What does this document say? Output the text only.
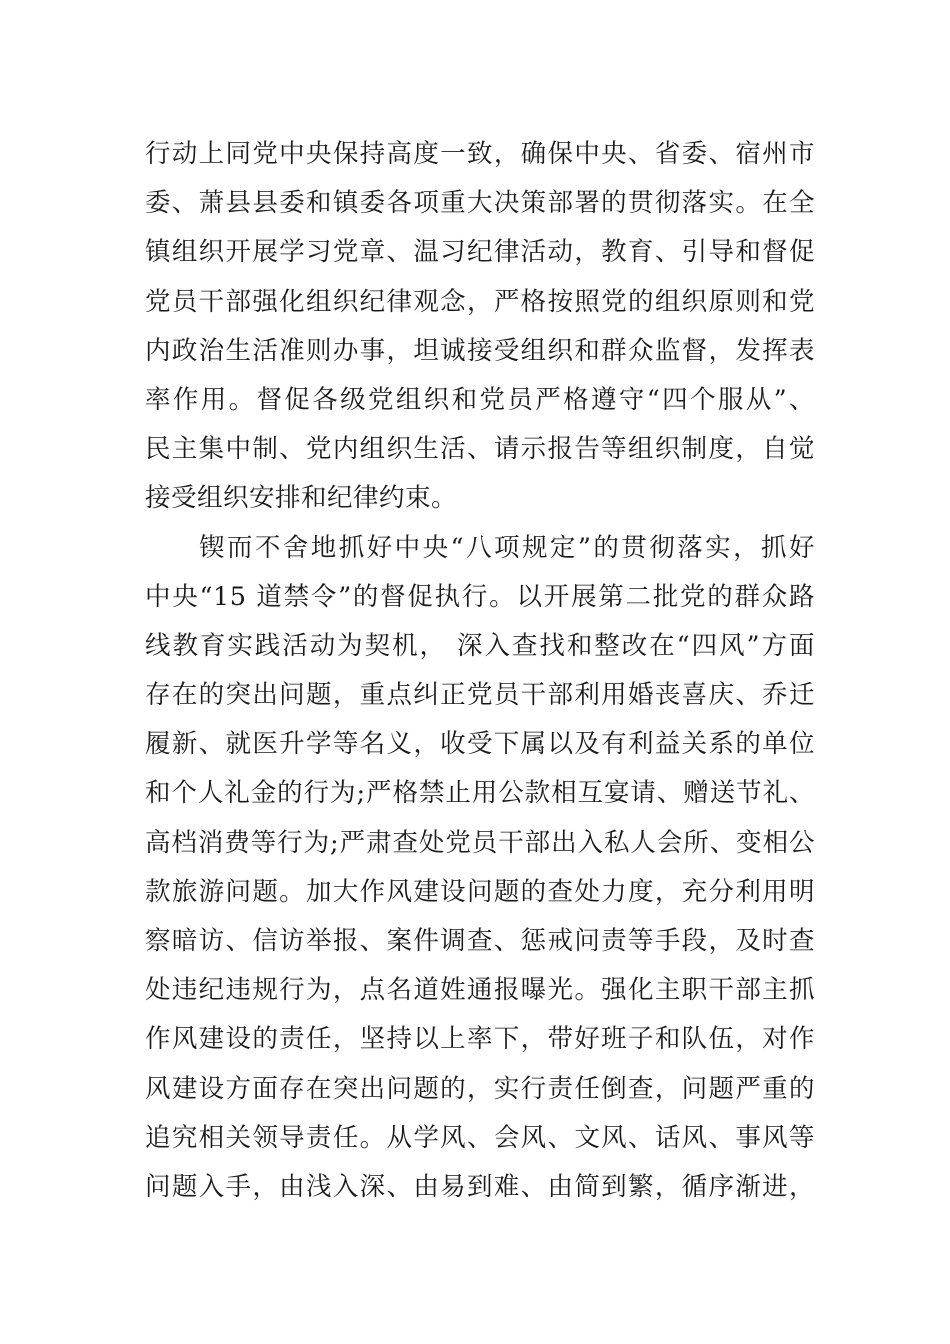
行动上同党中央保持高度一致，确保中央、省委、宿州市
委、萧县县委和镇委各项重大决策部署的贯彻落实。在全
镇组织开展学习党章、温习纪律活动，教育、引导和督促
党员干部强化组织纪律观念，严格按照党的组织原则和党
内政治生活准则办事，坦诚接受组织和群众监督，发挥表
率作用。督促各级党组织和党员严格遵守“四个服从”、
民主集中制、党内组织生活、请示报告等组织制度，自觉
接受组织安排和纪律约束。
锲而不舍地抓好中央“八项规定”的贯彻落实，抓好
中央“15 道禁令”的督促执行。以开展第二批党的群众路
线教育实践活动为契机， 深入查找和整改在“四风”方面
存在的突出问题，重点纠正党员干部利用婚丧喜庆、乔迁
履新、就医升学等名义，收受下属以及有利益关系的单位
和个人礼金的行为;严格禁止用公款相互宴请、赠送节礼、
高档消费等行为;严肃查处党员干部出入私人会所、变相公
款旅游问题。加大作风建设问题的查处力度，充分利用明
察暗访、信访举报、案件调查、惩戒问责等手段，及时查
处违纪违规行为，点名道姓通报曝光。强化主职干部主抓
作风建设的责任，坚持以上率下，带好班子和队伍，对作
风建设方面存在突出问题的，实行责任倒查，问题严重的
追究相关领导责任。从学风、会风、文风、话风、事风等
问题入手，由浅入深、由易到难、由简到繁，循序渐进，
